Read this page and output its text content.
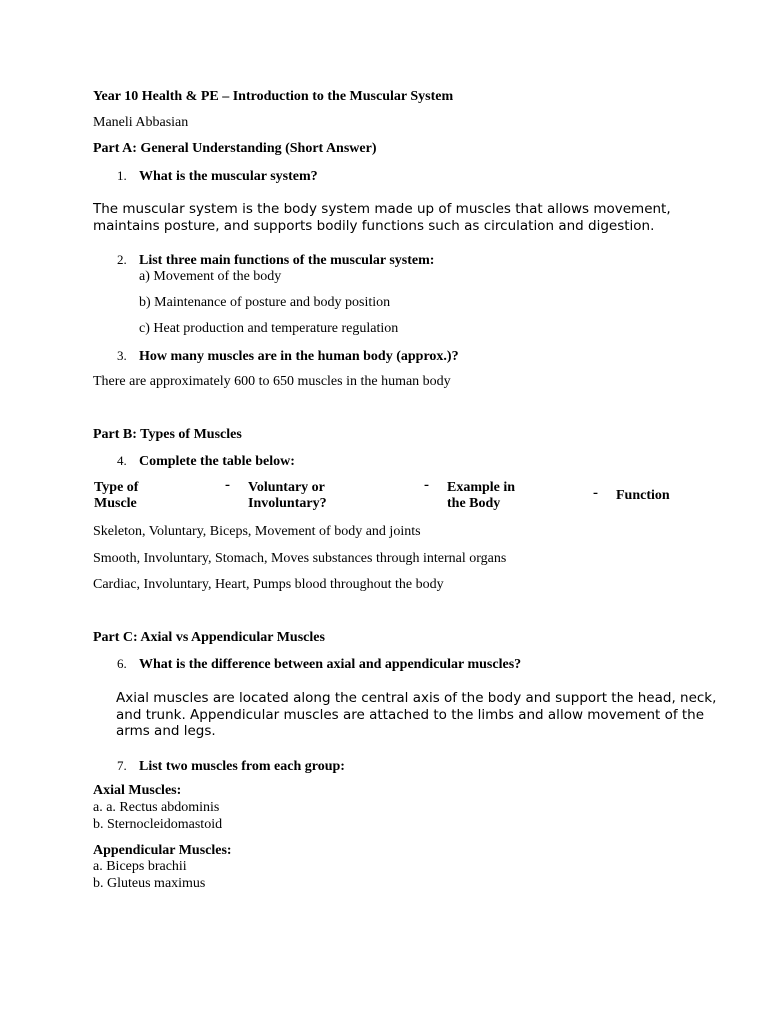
Year 10 Health & PE – Introduction to the Muscular System
Maneli Abbasian
Part A: General Understanding (Short Answer)
1. What is the muscular system?
The muscular system is the body system made up of muscles that allows movement,
maintains posture, and supports bodily functions such as circulation and digestion.
2. List three main functions of the muscular system:
a) Movement of the body
b) Maintenance of posture and body position
c) Heat production and temperature regulation
3. How many muscles are in the human body (approx.)?
There are approximately 600 to 650 muscles in the human body
Part B: Types of Muscles
4. Complete the table below:
Type of
Muscle
- Voluntary or
Involuntary?
- Example in
the Body
- Function
Skeleton, Voluntary, Biceps, Movement of body and joints
Smooth, Involuntary, Stomach, Moves substances through internal organs
Cardiac, Involuntary, Heart, Pumps blood throughout the body
Part C: Axial vs Appendicular Muscles
6. What is the difference between axial and appendicular muscles?
Axial muscles are located along the central axis of the body and support the head, neck,
and trunk. Appendicular muscles are attached to the limbs and allow movement of the
arms and legs.
7. List two muscles from each group:
Axial Muscles:
a. a. Rectus abdominis
b. Sternocleidomastoid
Appendicular Muscles:
a. Biceps brachii
b. Gluteus maximus
